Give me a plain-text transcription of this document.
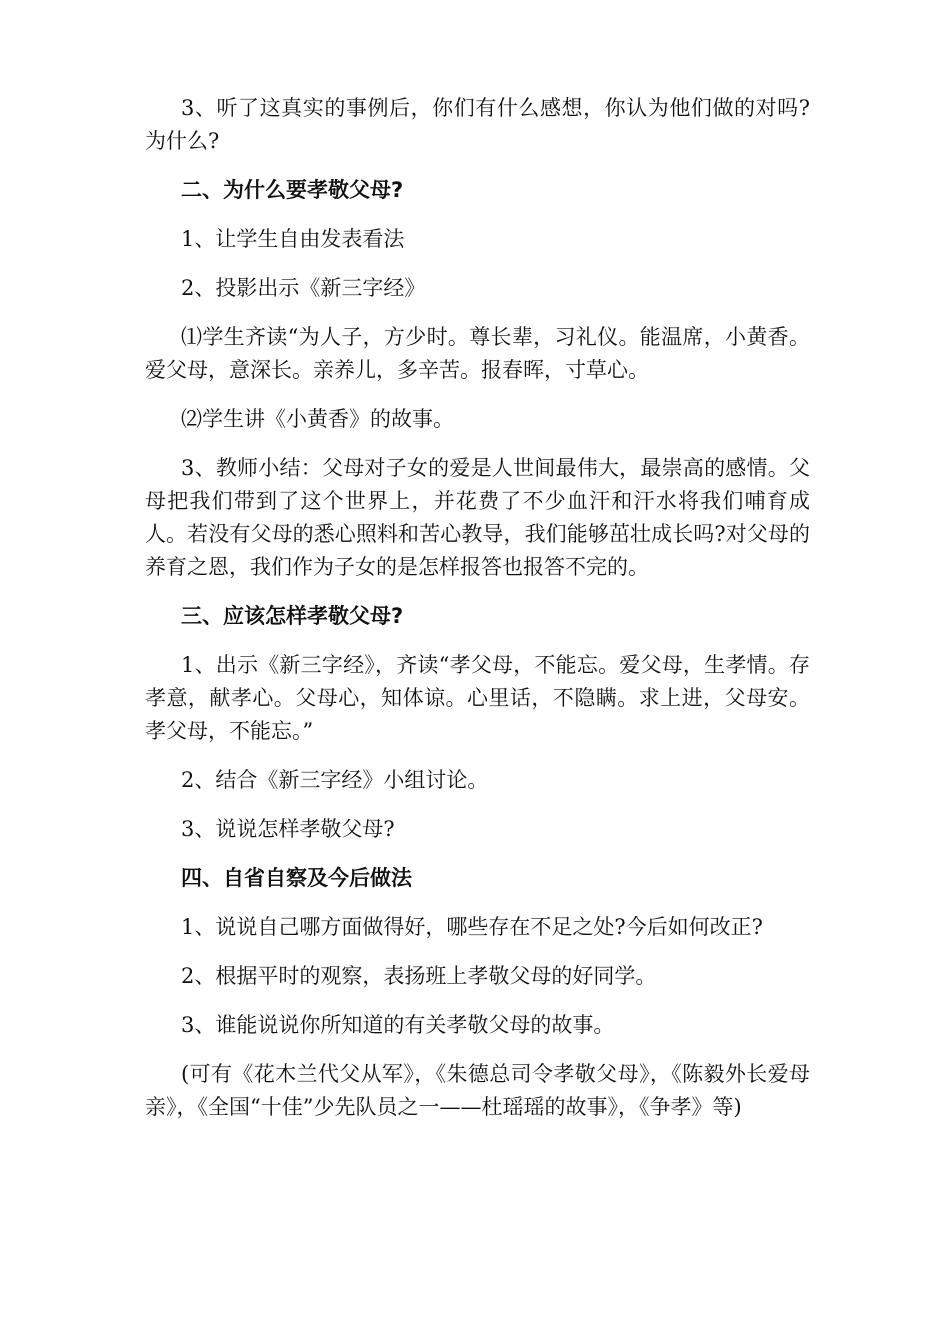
3、听了这真实的事例后，你们有什么感想，你认为他们做的对吗?为什么?

二、为什么要孝敬父母?

1、让学生自由发表看法

2、投影出示《新三字经》

⑴学生齐读“为人子，方少时。尊长辈，习礼仪。能温席，小黄香。爱父母，意深长。亲养儿，多辛苦。报春晖，寸草心。

⑵学生讲《小黄香》的故事。

3、教师小结：父母对子女的爱是人世间最伟大，最崇高的感情。父母把我们带到了这个世界上，并花费了不少血汗和汗水将我们哺育成人。若没有父母的悉心照料和苦心教导，我们能够茁壮成长吗?对父母的养育之恩，我们作为子女的是怎样报答也报答不完的。

三、应该怎样孝敬父母?

1、出示《新三字经》，齐读“孝父母，不能忘。爱父母，生孝情。存孝意，献孝心。父母心，知体谅。心里话，不隐瞒。求上进，父母安。孝父母，不能忘。”

2、结合《新三字经》小组讨论。

3、说说怎样孝敬父母?

四、自省自察及今后做法

1、说说自己哪方面做得好，哪些存在不足之处?今后如何改正?

2、根据平时的观察，表扬班上孝敬父母的好同学。

3、谁能说说你所知道的有关孝敬父母的故事。

(可有《花木兰代父从军》，《朱德总司令孝敬父母》，《陈毅外长爱母亲》，《全国“十佳”少先队员之一——杜瑶瑶的故事》，《争孝》等)
